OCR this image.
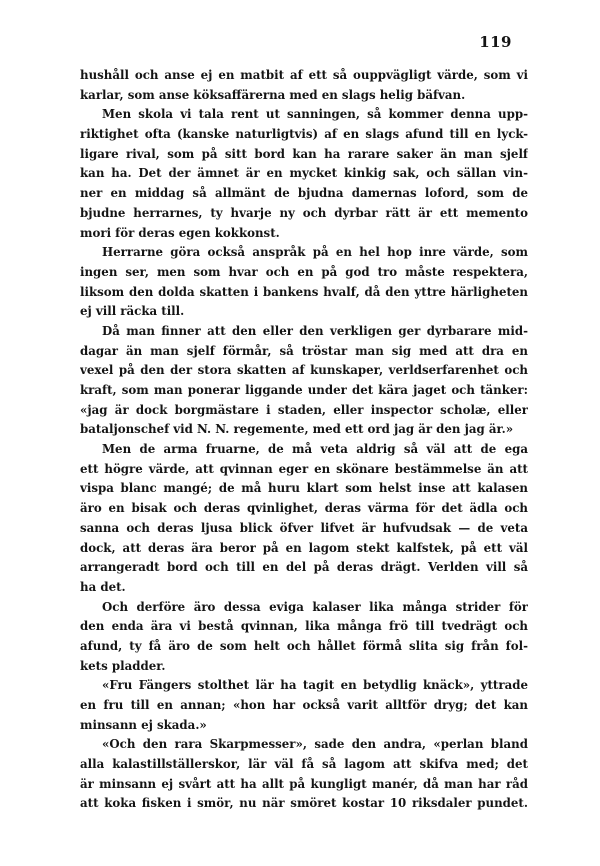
119
hushåll och anse ej en matbit af ett så ouppvägligt värde, som vi
karlar, som anse köksaffärerna med en slags helig bäfvan.
Men skola vi tala rent ut sanningen, så kommer denna upp-
riktighet ofta (kanske naturligtvis) af en slags afund till en lyck-
ligare rival, som på sitt bord kan ha rarare saker än man sjelf
kan ha. Det der ämnet är en mycket kinkig sak, och sällan vin-
ner en middag så allmänt de bjudna damernas loford, som de
bjudne herrarnes, ty hvarje ny och dyrbar rätt är ett memento
mori för deras egen kokkonst.
Herrarne göra också anspråk på en hel hop inre värde, som
ingen ser, men som hvar och en på god tro måste respektera,
liksom den dolda skatten i bankens hvalf, då den yttre härligheten
ej vill räcka till.
Då man finner att den eller den verkligen ger dyrbarare mid-
dagar än man sjelf förmår, så tröstar man sig med att dra en
vexel på den der stora skatten af kunskaper, verldserfarenhet och
kraft, som man ponerar liggande under det kära jaget och tänker:
«jag är dock borgmästare i staden, eller inspector scholæ, eller
bataljonschef vid N. N. regemente, med ett ord jag är den jag är.»
Men de arma fruarne, de må veta aldrig så väl att de ega
ett högre värde, att qvinnan eger en skönare bestämmelse än att
vispa blanc mangé; de må huru klart som helst inse att kalasen
äro en bisak och deras qvinlighet, deras värma för det ädla och
sanna och deras ljusa blick öfver lifvet är hufvudsak — de veta
dock, att deras ära beror på en lagom stekt kalfstek, på ett väl
arrangeradt bord och till en del på deras drägt. Verlden vill så
ha det.
Och derföre äro dessa eviga kalaser lika många strider för
den enda ära vi bestå qvinnan, lika många frö till tvedrägt och
afund, ty få äro de som helt och hållet förmå slita sig från fol-
kets pladder.
«Fru Fängers stolthet lär ha tagit en betydlig knäck», yttrade
en fru till en annan; «hon har också varit alltför dryg; det kan
minsann ej skada.»
«Och den rara Skarpmesser», sade den andra, «perlan bland
alla kalastillställerskor, lär väl få så lagom att skifva med; det
är minsann ej svårt att ha allt på kungligt manér, då man har råd
att koka fisken i smör, nu när smöret kostar 10 riksdaler pundet.
